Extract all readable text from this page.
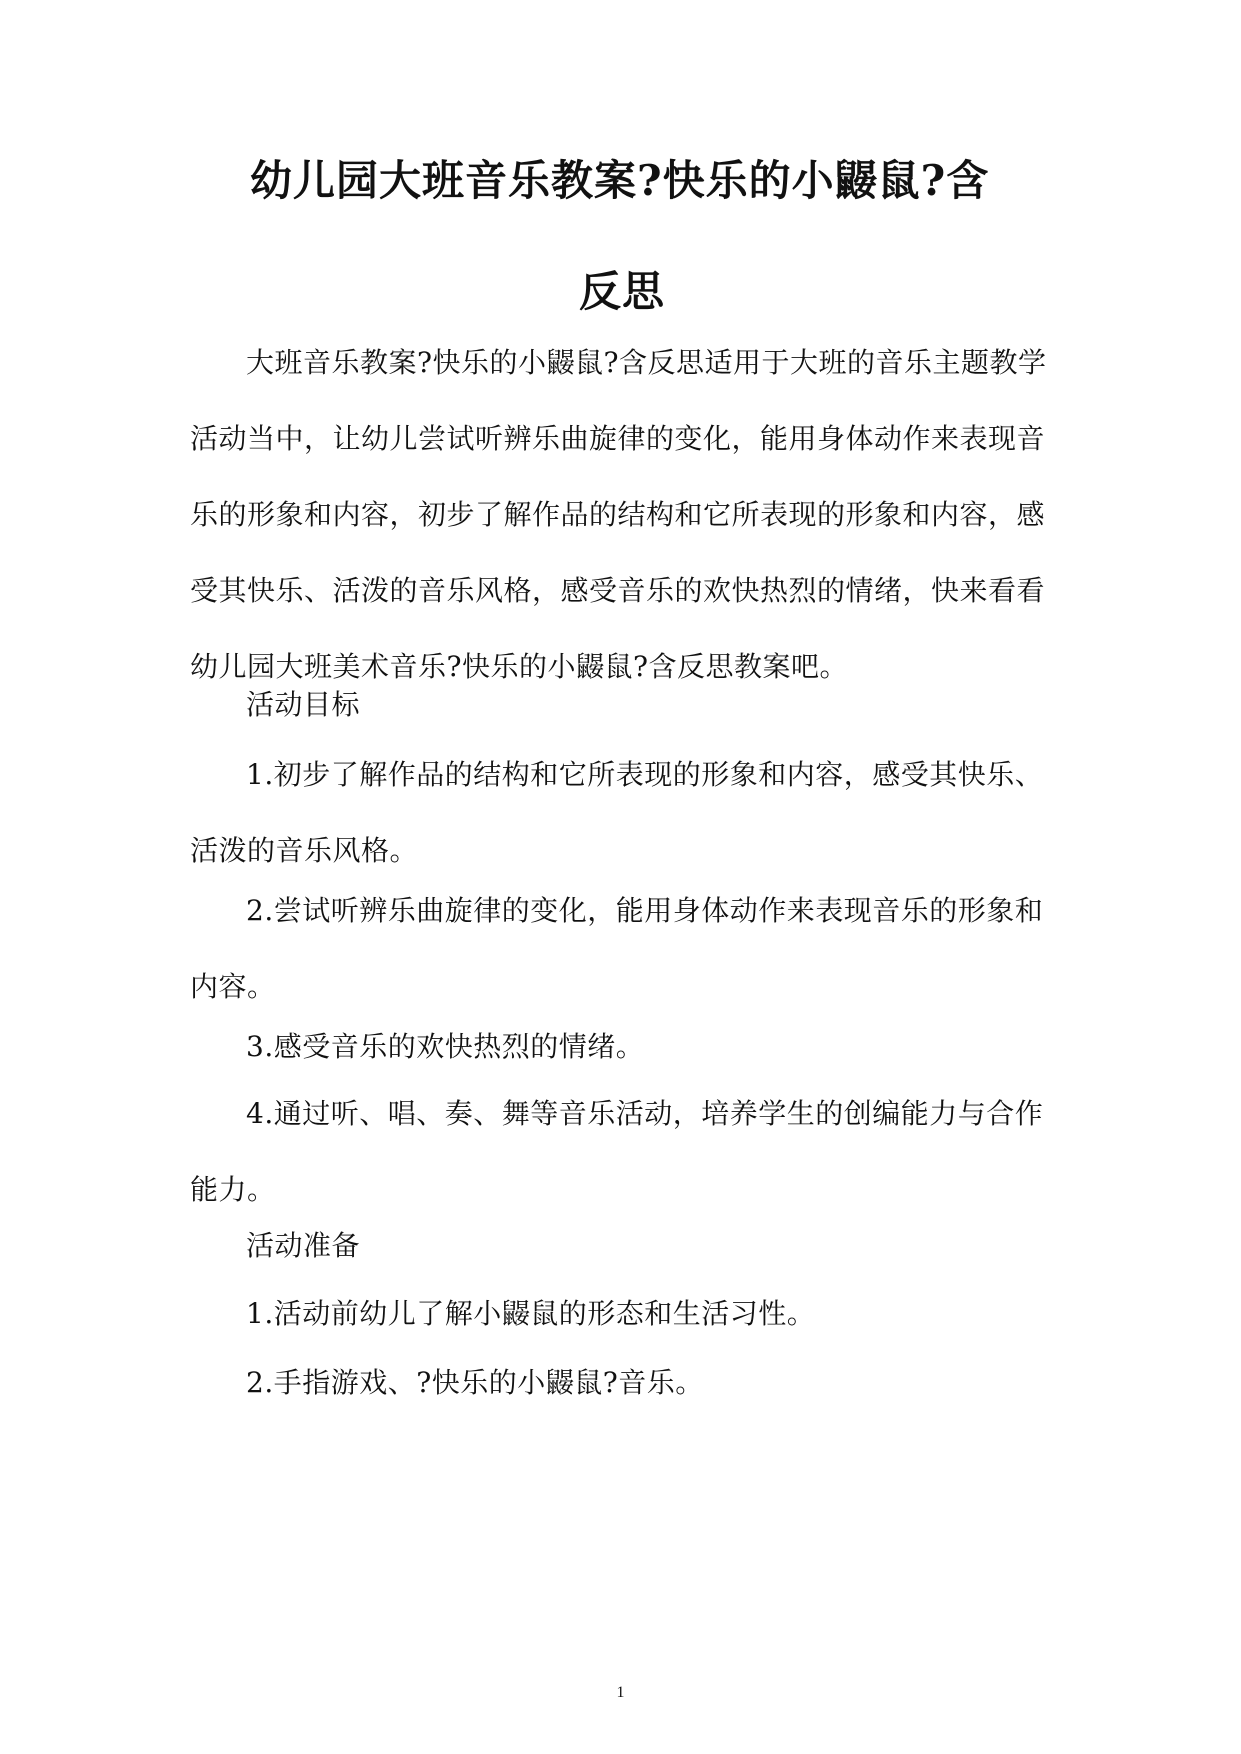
幼儿园大班音乐教案?快乐的小鼹鼠?含
反思

大班音乐教案?快乐的小鼹鼠?含反思适用于大班的音乐主题教学活动当中，让幼儿尝试听辨乐曲旋律的变化，能用身体动作来表现音乐的形象和内容，初步了解作品的结构和它所表现的形象和内容，感受其快乐、活泼的音乐风格，感受音乐的欢快热烈的情绪，快来看看幼儿园大班美术音乐?快乐的小鼹鼠?含反思教案吧。

活动目标

1.初步了解作品的结构和它所表现的形象和内容，感受其快乐、活泼的音乐风格。

2.尝试听辨乐曲旋律的变化，能用身体动作来表现音乐的形象和内容。

3.感受音乐的欢快热烈的情绪。

4.通过听、唱、奏、舞等音乐活动，培养学生的创编能力与合作能力。

活动准备

1.活动前幼儿了解小鼹鼠的形态和生活习性。

2.手指游戏、?快乐的小鼹鼠?音乐。

1
